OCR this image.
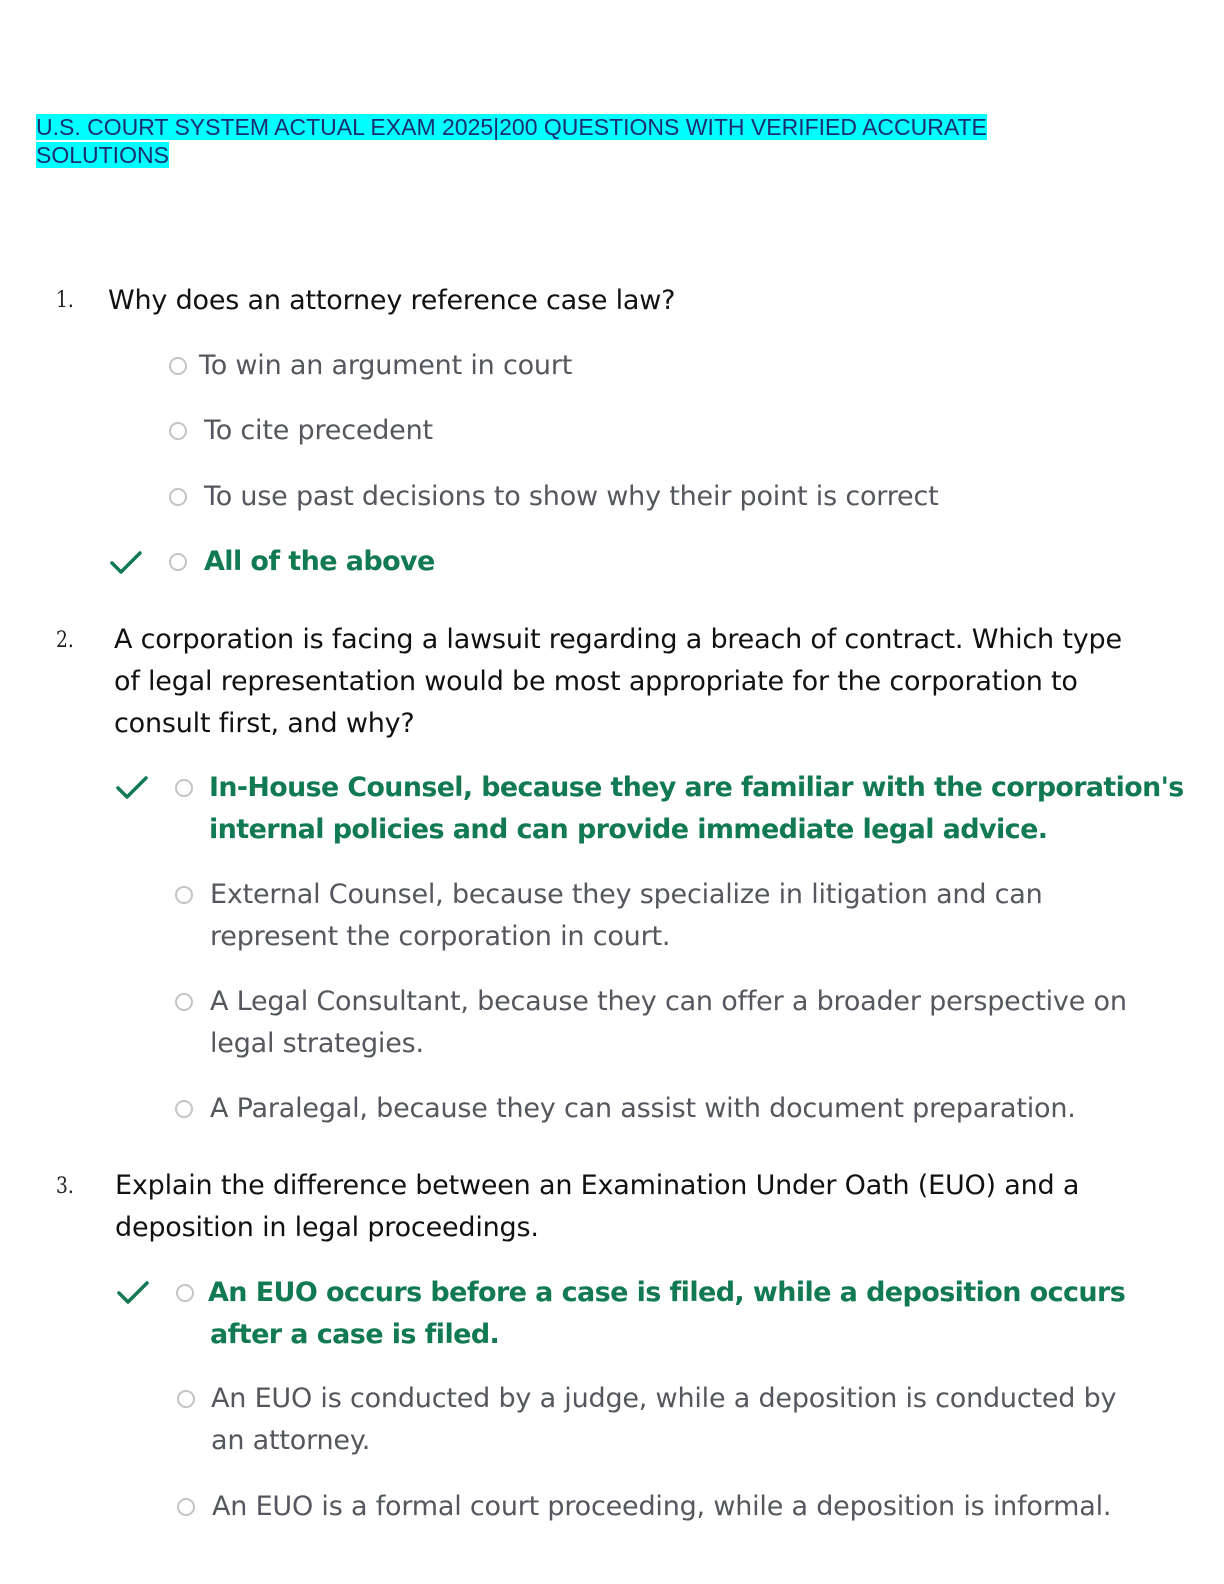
U.S. COURT SYSTEM ACTUAL EXAM 2025|200 QUESTIONS WITH VERIFIED ACCURATE
SOLUTIONS
1. Why does an attorney reference case law?
To win an argument in court
To cite precedent
To use past decisions to show why their point is correct
All of the above
2. A corporation is facing a lawsuit regarding a breach of contract. Which type
of legal representation would be most appropriate for the corporation to
consult first, and why?
In-House Counsel, because they are familiar with the corporation's
internal policies and can provide immediate legal advice.
External Counsel, because they specialize in litigation and can
represent the corporation in court.
A Legal Consultant, because they can offer a broader perspective on
legal strategies.
A Paralegal, because they can assist with document preparation.
3. Explain the difference between an Examination Under Oath (EUO) and a
deposition in legal proceedings.
An EUO occurs before a case is filed, while a deposition occurs
after a case is filed.
An EUO is conducted by a judge, while a deposition is conducted by
an attorney.
An EUO is a formal court proceeding, while a deposition is informal.
